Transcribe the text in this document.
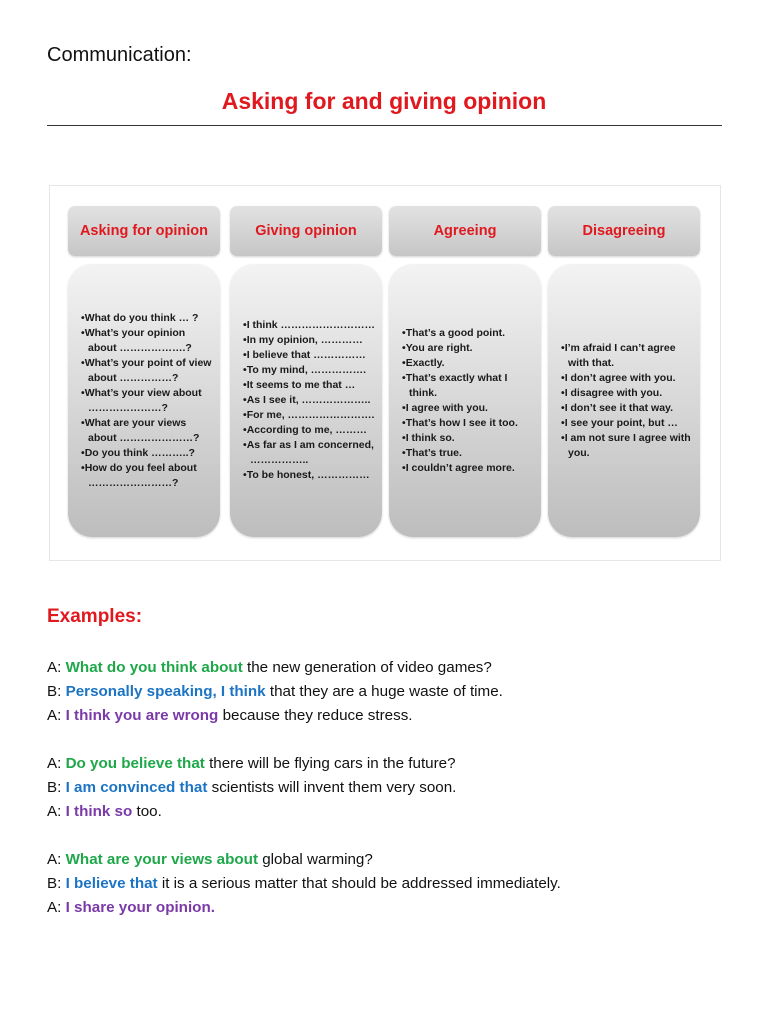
Communication:
Asking for and giving opinion
Asking for opinion
• What do you think … ?
• What’s your opinion about ……………….?
• What’s your point of view about ……………?
• What’s your view about …………………?
• What are your views about …………………?
• Do you think ………..?
• How do you feel about ……………………?
Giving opinion
• I think ………………………
• In my opinion, …………
• I believe that ……………
• To my mind, …………….
• It seems to me that …
• As I see it, ………………..
• For me, …………………….
• According to me, ………
• As far as I am concerned, ……………..
• To be honest, ……………
Agreeing
• That’s a good point.
• You are right.
• Exactly.
• That’s exactly what I think.
• I agree with you.
• That’s how I see it too.
• I think so.
• That’s true.
• I couldn’t agree more.
Disagreeing
• I’m afraid I can’t agree with that.
• I don’t agree with you.
• I disagree with you.
• I don’t see it that way.
• I see your point, but …
• I am not sure I agree with you.
Examples:
A: What do you think about the new generation of video games?
B: Personally speaking, I think that they are a huge waste of time.
A: I think you are wrong because they reduce stress.
A: Do you believe that there will be flying cars in the future?
B: I am convinced that scientists will invent them very soon.
A: I think so too.
A: What are your views about global warming?
B: I believe that it is a serious matter that should be addressed immediately.
A: I share your opinion.
